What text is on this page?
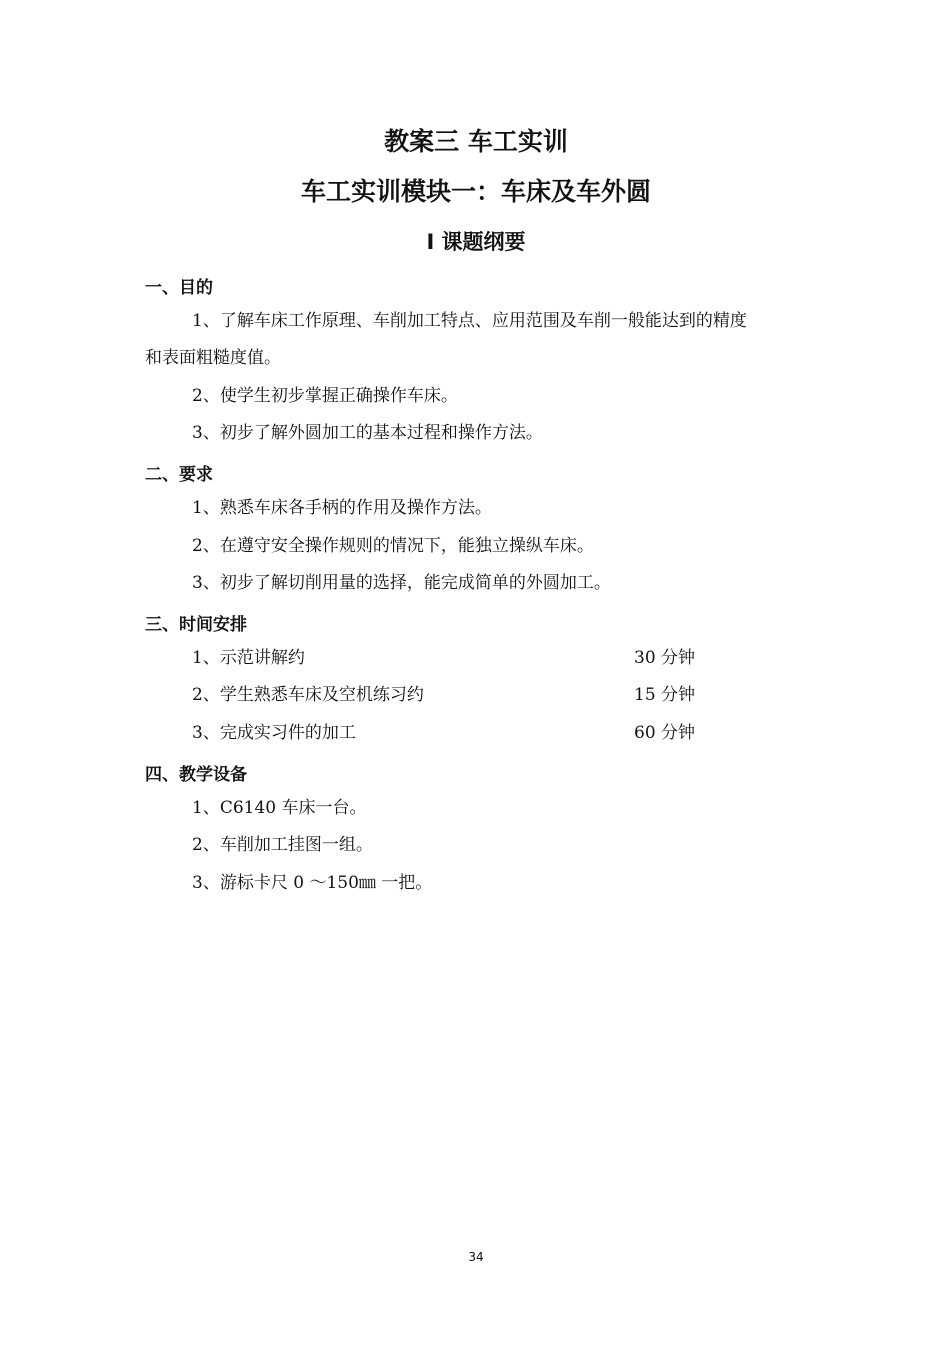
教案三 车工实训
车工实训模块一：车床及车外圆
Ⅰ 课题纲要
一、目的
1、了解车床工作原理、车削加工特点、应用范围及车削一般能达到的精度
和表面粗糙度值。
2、使学生初步掌握正确操作车床。
3、初步了解外圆加工的基本过程和操作方法。
二、要求
1、熟悉车床各手柄的作用及操作方法。
2、在遵守安全操作规则的情况下，能独立操纵车床。
3、初步了解切削用量的选择，能完成简单的外圆加工。
三、时间安排
1、示范讲解约	30 分钟
2、学生熟悉车床及空机练习约	15 分钟
3、完成实习件的加工	60 分钟
四、教学设备
1、C6140 车床一台。
2、车削加工挂图一组。
3、游标卡尺 0 ～150㎜ 一把。
34
